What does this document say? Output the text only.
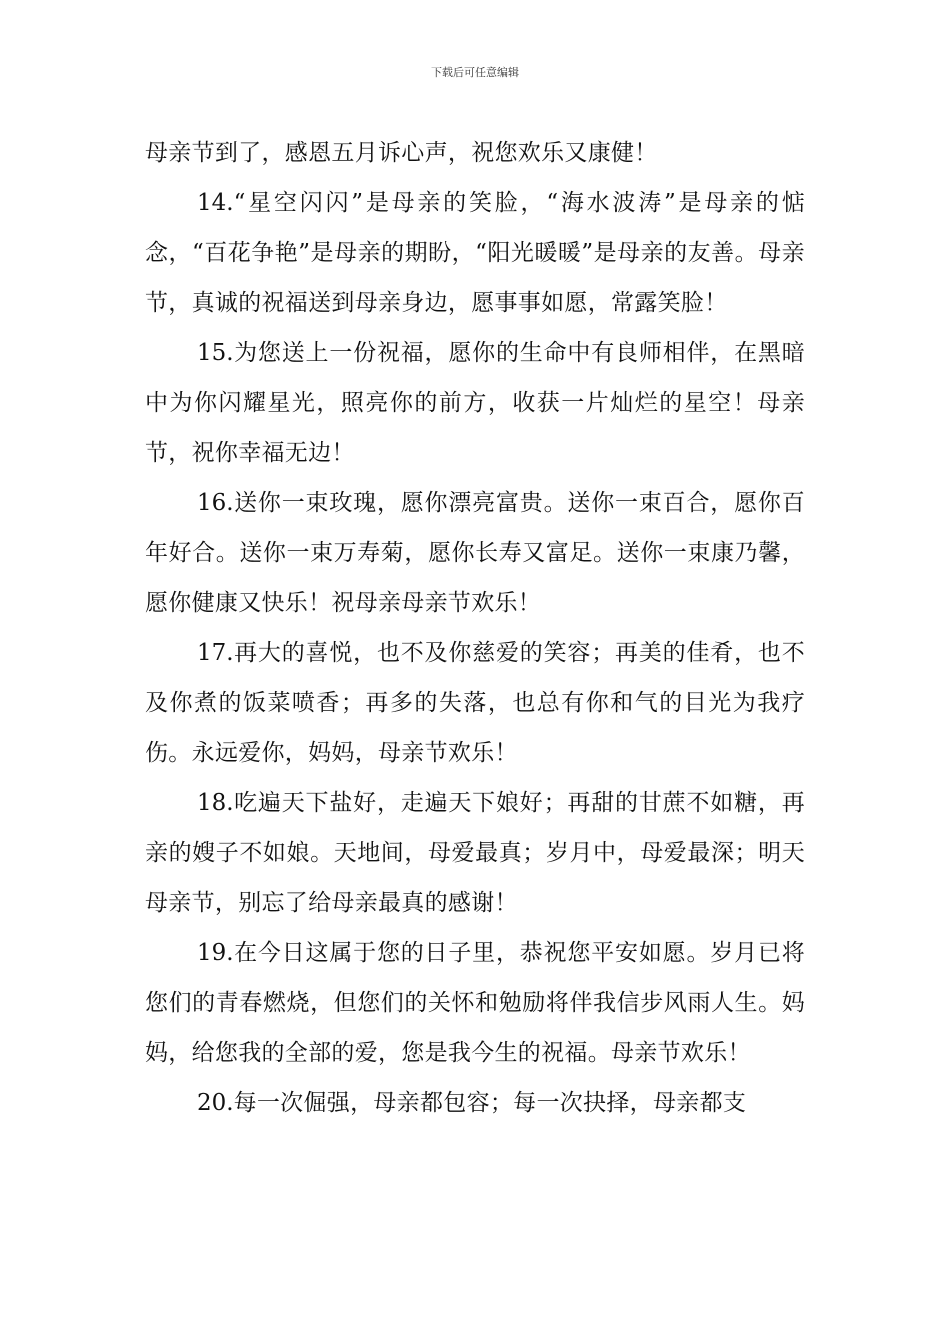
下载后可任意编辑

母亲节到了，感恩五月诉心声，祝您欢乐又康健！

14.“星空闪闪”是母亲的笑脸，“海水波涛”是母亲的惦念，“百花争艳”是母亲的期盼，“阳光暖暖”是母亲的友善。母亲节，真诚的祝福送到母亲身边，愿事事如愿，常露笑脸！

15.为您送上一份祝福，愿你的生命中有良师相伴，在黑暗中为你闪耀星光，照亮你的前方，收获一片灿烂的星空！母亲节，祝你幸福无边！

16.送你一束玫瑰，愿你漂亮富贵。送你一束百合，愿你百年好合。送你一束万寿菊，愿你长寿又富足。送你一束康乃馨，愿你健康又快乐！祝母亲母亲节欢乐！

17.再大的喜悦，也不及你慈爱的笑容；再美的佳肴，也不及你煮的饭菜喷香；再多的失落，也总有你和气的目光为我疗伤。永远爱你，妈妈，母亲节欢乐！

18.吃遍天下盐好，走遍天下娘好；再甜的甘蔗不如糖，再亲的嫂子不如娘。天地间，母爱最真；岁月中，母爱最深；明天母亲节，别忘了给母亲最真的感谢！

19.在今日这属于您的日子里，恭祝您平安如愿。岁月已将您们的青春燃烧，但您们的关怀和勉励将伴我信步风雨人生。妈妈，给您我的全部的爱，您是我今生的祝福。母亲节欢乐！

20.每一次倔强，母亲都包容；每一次抉择，母亲都支
